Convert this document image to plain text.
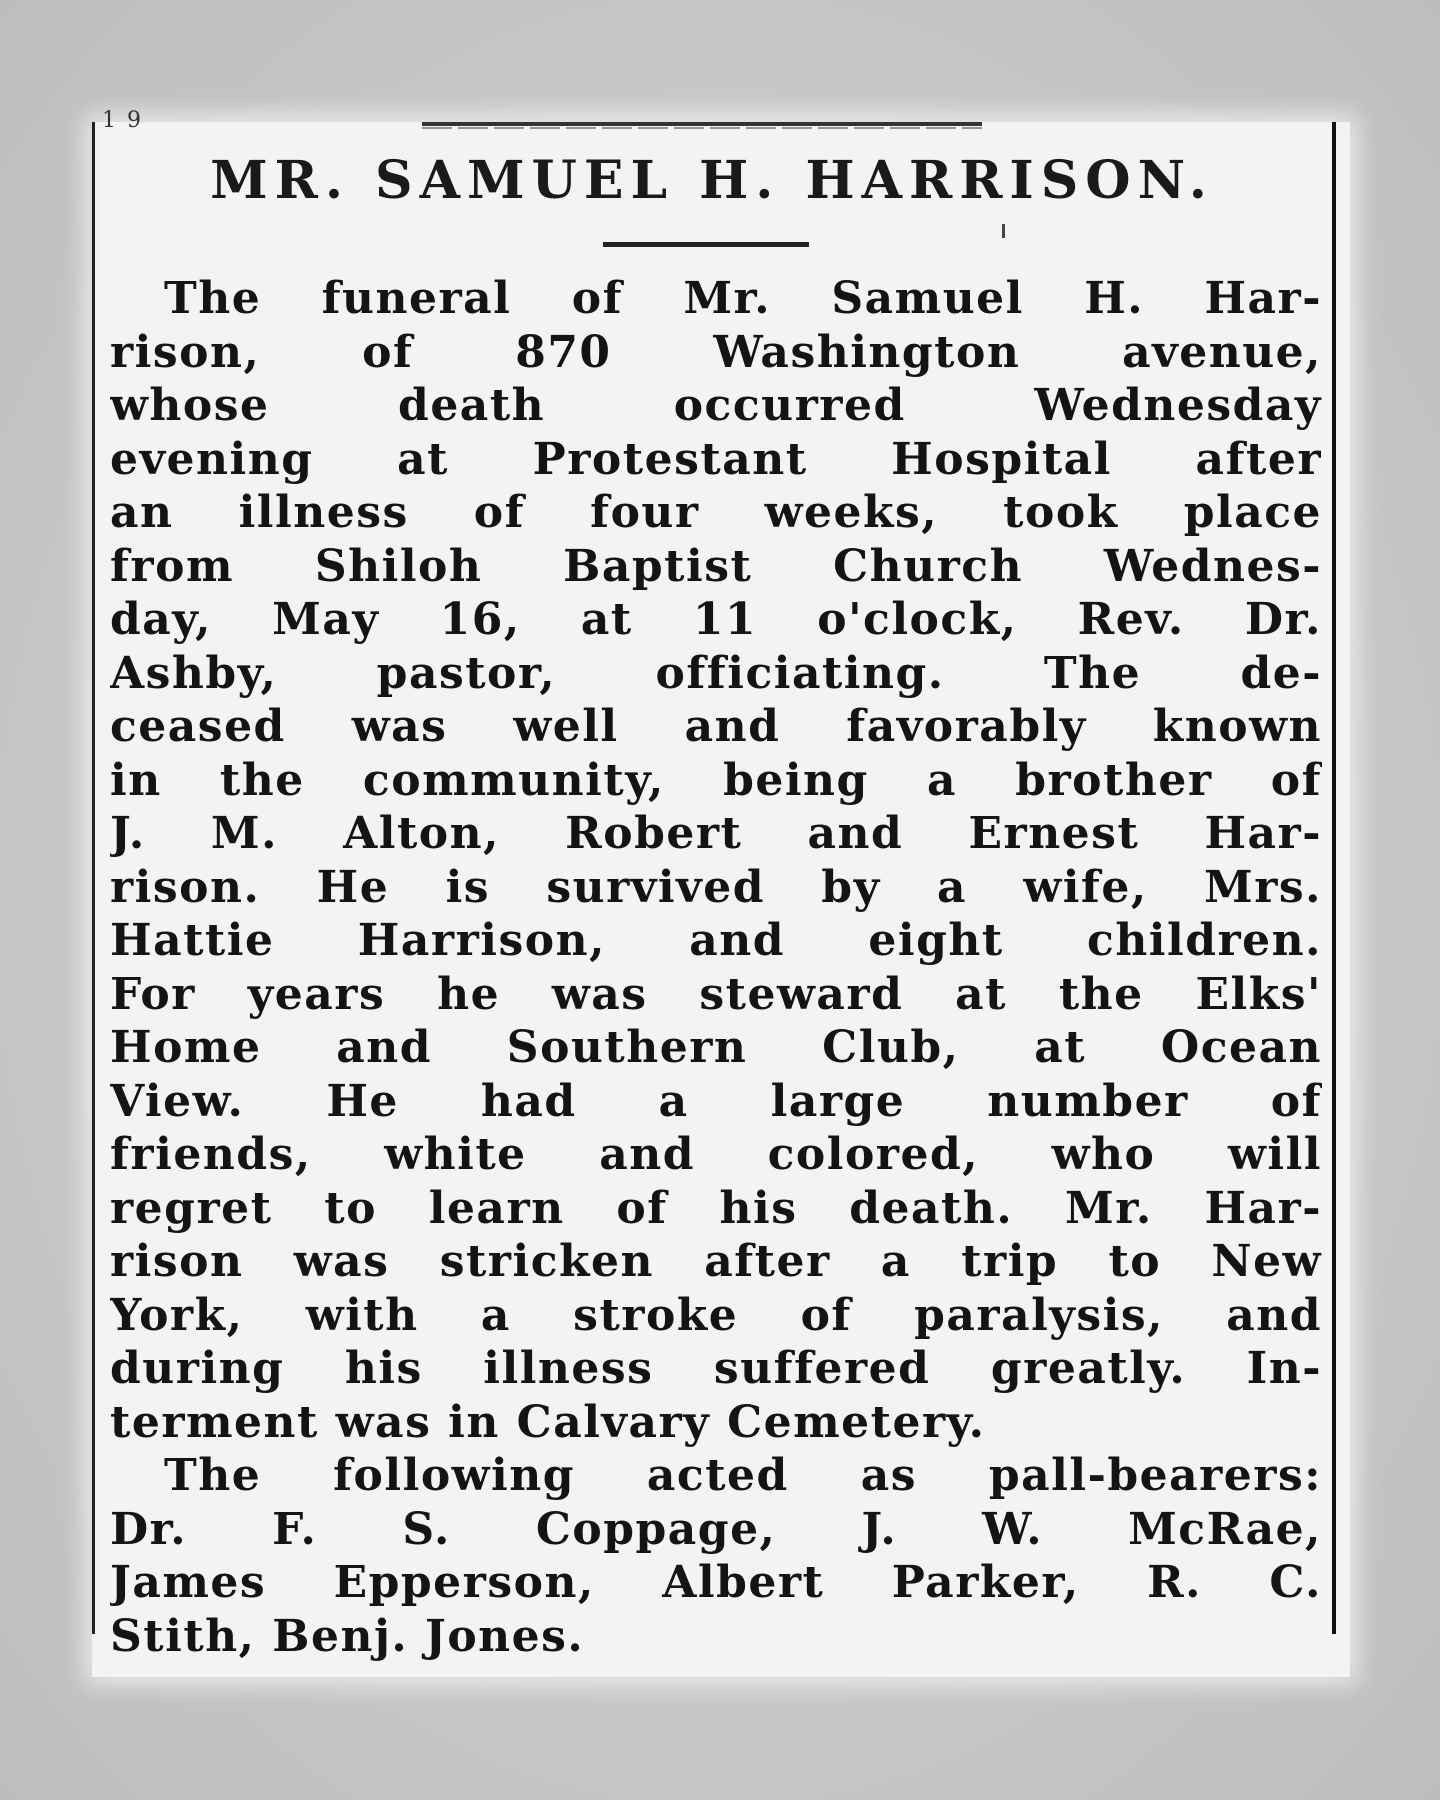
1 9
MR. SAMUEL H. HARRISON.
The funeral of Mr. Samuel H. Har-
rison, of 870 Washington avenue,
whose death occurred Wednesday
evening at Protestant Hospital after
an illness of four weeks, took place
from Shiloh Baptist Church Wednes-
day, May 16, at 11 o'clock, Rev. Dr.
Ashby, pastor, officiating. The de-
ceased was well and favorably known
in the community, being a brother of
J. M. Alton, Robert and Ernest Har-
rison. He is survived by a wife, Mrs.
Hattie Harrison, and eight children.
For years he was steward at the Elks'
Home and Southern Club, at Ocean
View. He had a large number of
friends, white and colored, who will
regret to learn of his death. Mr. Har-
rison was stricken after a trip to New
York, with a stroke of paralysis, and
during his illness suffered greatly. In-
terment was in Calvary Cemetery.
The following acted as pall-bearers:
Dr. F. S. Coppage, J. W. McRae,
James Epperson, Albert Parker, R. C.
Stith, Benj. Jones.
